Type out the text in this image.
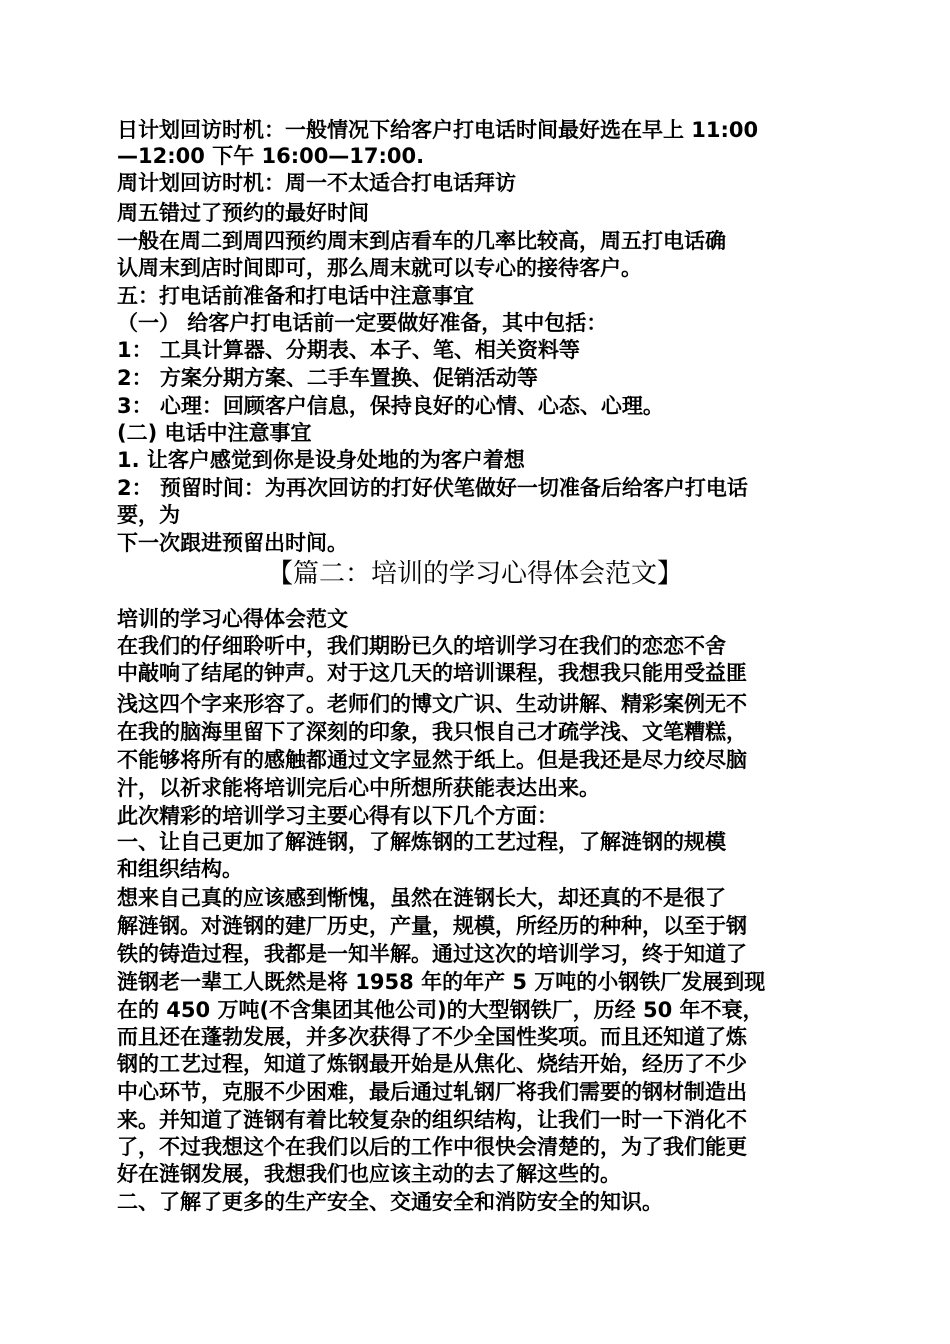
日计划回访时机：一般情况下给客户打电话时间最好选在早上 11:00

—12:00 下午 16:00—17:00.

周计划回访时机：周一不太适合打电话拜访

周五错过了预约的最好时间

一般在周二到周四预约周末到店看车的几率比较高，周五打电话确

认周末到店时间即可，那么周末就可以专心的接待客户。

五：打电话前准备和打电话中注意事宜

（一） 给客户打电话前一定要做好准备，其中包括：

1： 工具计算器、分期表、本子、笔、相关资料等

2： 方案分期方案、二手车置换、促销活动等

3： 心理：回顾客户信息，保持良好的心情、心态、心理。

(二) 电话中注意事宜

1. 让客户感觉到你是设身处地的为客户着想

2： 预留时间：为再次回访的打好伏笔做好一切准备后给客户打电话

要，为

下一次跟进预留出时间。

【篇二：培训的学习心得体会范文】

培训的学习心得体会范文

在我们的仔细聆听中，我们期盼已久的培训学习在我们的恋恋不舍

中敲响了结尾的钟声。对于这几天的培训课程，我想我只能用受益匪

浅这四个字来形容了。老师们的博文广识、生动讲解、精彩案例无不

在我的脑海里留下了深刻的印象，我只恨自己才疏学浅、文笔糟糕，

不能够将所有的感触都通过文字显然于纸上。但是我还是尽力绞尽脑

汁，以祈求能将培训完后心中所想所获能表达出来。

此次精彩的培训学习主要心得有以下几个方面：

一、让自己更加了解涟钢，了解炼钢的工艺过程，了解涟钢的规模

和组织结构。

想来自己真的应该感到惭愧，虽然在涟钢长大，却还真的不是很了

解涟钢。对涟钢的建厂历史，产量，规模，所经历的种种，以至于钢

铁的铸造过程，我都是一知半解。通过这次的培训学习，终于知道了

涟钢老一辈工人既然是将 1958 年的年产 5 万吨的小钢铁厂发展到现

在的 450 万吨(不含集团其他公司)的大型钢铁厂，历经 50 年不衰，

而且还在蓬勃发展，并多次获得了不少全国性奖项。而且还知道了炼

钢的工艺过程，知道了炼钢最开始是从焦化、烧结开始，经历了不少

中心环节，克服不少困难，最后通过轧钢厂将我们需要的钢材制造出

来。并知道了涟钢有着比较复杂的组织结构，让我们一时一下消化不

了，不过我想这个在我们以后的工作中很快会清楚的，为了我们能更

好在涟钢发展，我想我们也应该主动的去了解这些的。

二、了解了更多的生产安全、交通安全和消防安全的知识。
